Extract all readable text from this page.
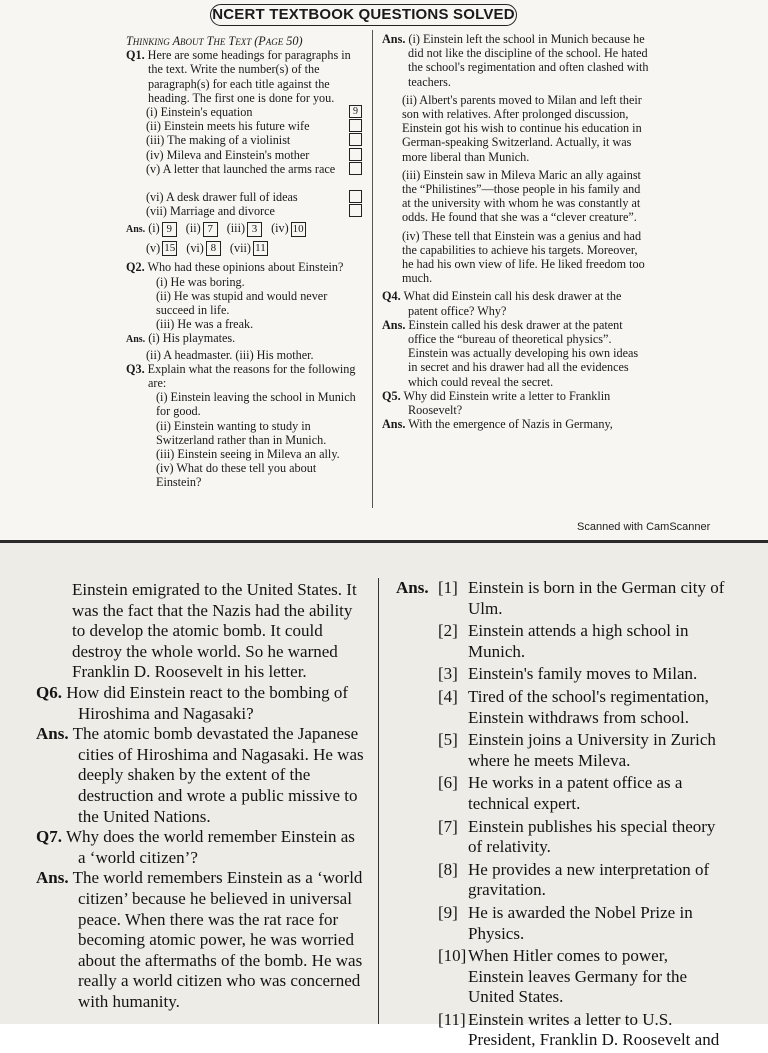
NCERT TEXTBOOK QUESTIONS SOLVED

Thinking About The Text (Page 50)

Q1. Here are some headings for paragraphs in the text. Write the number(s) of the paragraph(s) for each title against the heading. The first one is done for you.

(i) Einstein's equation	9
(ii) Einstein meets his future wife
(iii) The making of a violinist
(iv) Mileva and Einstein's mother
(v) A letter that launched the arms race
(vi) A desk drawer full of ideas
(vii) Marriage and divorce

Ans. (i) 9 (ii) 7 (iii) 3 (iv) 10

(v) 15 (vi) 8 (vii) 11

Q2. Who had these opinions about Einstein?

(i) He was boring.

(ii) He was stupid and would never succeed in life.

(iii) He was a freak.

Ans. (i) His playmates.

(ii) A headmaster. (iii) His mother.

Q3. Explain what the reasons for the following are:

(i) Einstein leaving the school in Munich for good.

(ii) Einstein wanting to study in Switzerland rather than in Munich.

(iii) Einstein seeing in Mileva an ally.

(iv) What do these tell you about Einstein?

Ans. (i) Einstein left the school in Munich because he did not like the discipline of the school. He hated the school's regimentation and often clashed with teachers.

(ii) Albert's parents moved to Milan and left their son with relatives. After prolonged discussion, Einstein got his wish to continue his education in German-speaking Switzerland. Actually, it was more liberal than Munich.

(iii) Einstein saw in Mileva Maric an ally against the “Philistines”—those people in his family and at the university with whom he was constantly at odds. He found that she was a “clever creature”.

(iv) These tell that Einstein was a genius and had the capabilities to achieve his targets. Moreover, he had his own view of life. He liked freedom too much.

Q4. What did Einstein call his desk drawer at the patent office? Why?

Ans. Einstein called his desk drawer at the patent office the “bureau of theoretical physics”. Einstein was actually developing his own ideas in secret and his drawer had all the evidences which could reveal the secret.

Q5. Why did Einstein write a letter to Franklin Roosevelt?

Ans. With the emergence of Nazis in Germany,

Scanned with CamScanner

Einstein emigrated to the United States. It was the fact that the Nazis had the ability to develop the atomic bomb. It could destroy the whole world. So he warned Franklin D. Roosevelt in his letter.

Q6. How did Einstein react to the bombing of Hiroshima and Nagasaki?

Ans. The atomic bomb devastated the Japanese cities of Hiroshima and Nagasaki. He was deeply shaken by the extent of the destruction and wrote a public missive to the United Nations.

Q7. Why does the world remember Einstein as a ‘world citizen’?

Ans. The world remembers Einstein as a ‘world citizen’ because he believed in universal peace. When there was the rat race for becoming atomic power, he was worried about the aftermaths of the bomb. He was really a world citizen who was concerned with humanity.

Ans. [1] Einstein is born in the German city of Ulm.
[2] Einstein attends a high school in Munich.
[3] Einstein's family moves to Milan.
[4] Tired of the school's regimentation, Einstein withdraws from school.
[5] Einstein joins a University in Zurich where he meets Mileva.
[6] He works in a patent office as a technical expert.
[7] Einstein publishes his special theory of relativity.
[8] He provides a new interpretation of gravitation.
[9] He is awarded the Nobel Prize in Physics.
[10] When Hitler comes to power, Einstein leaves Germany for the United States.
[11] Einstein writes a letter to U.S. President, Franklin D. Roosevelt and
